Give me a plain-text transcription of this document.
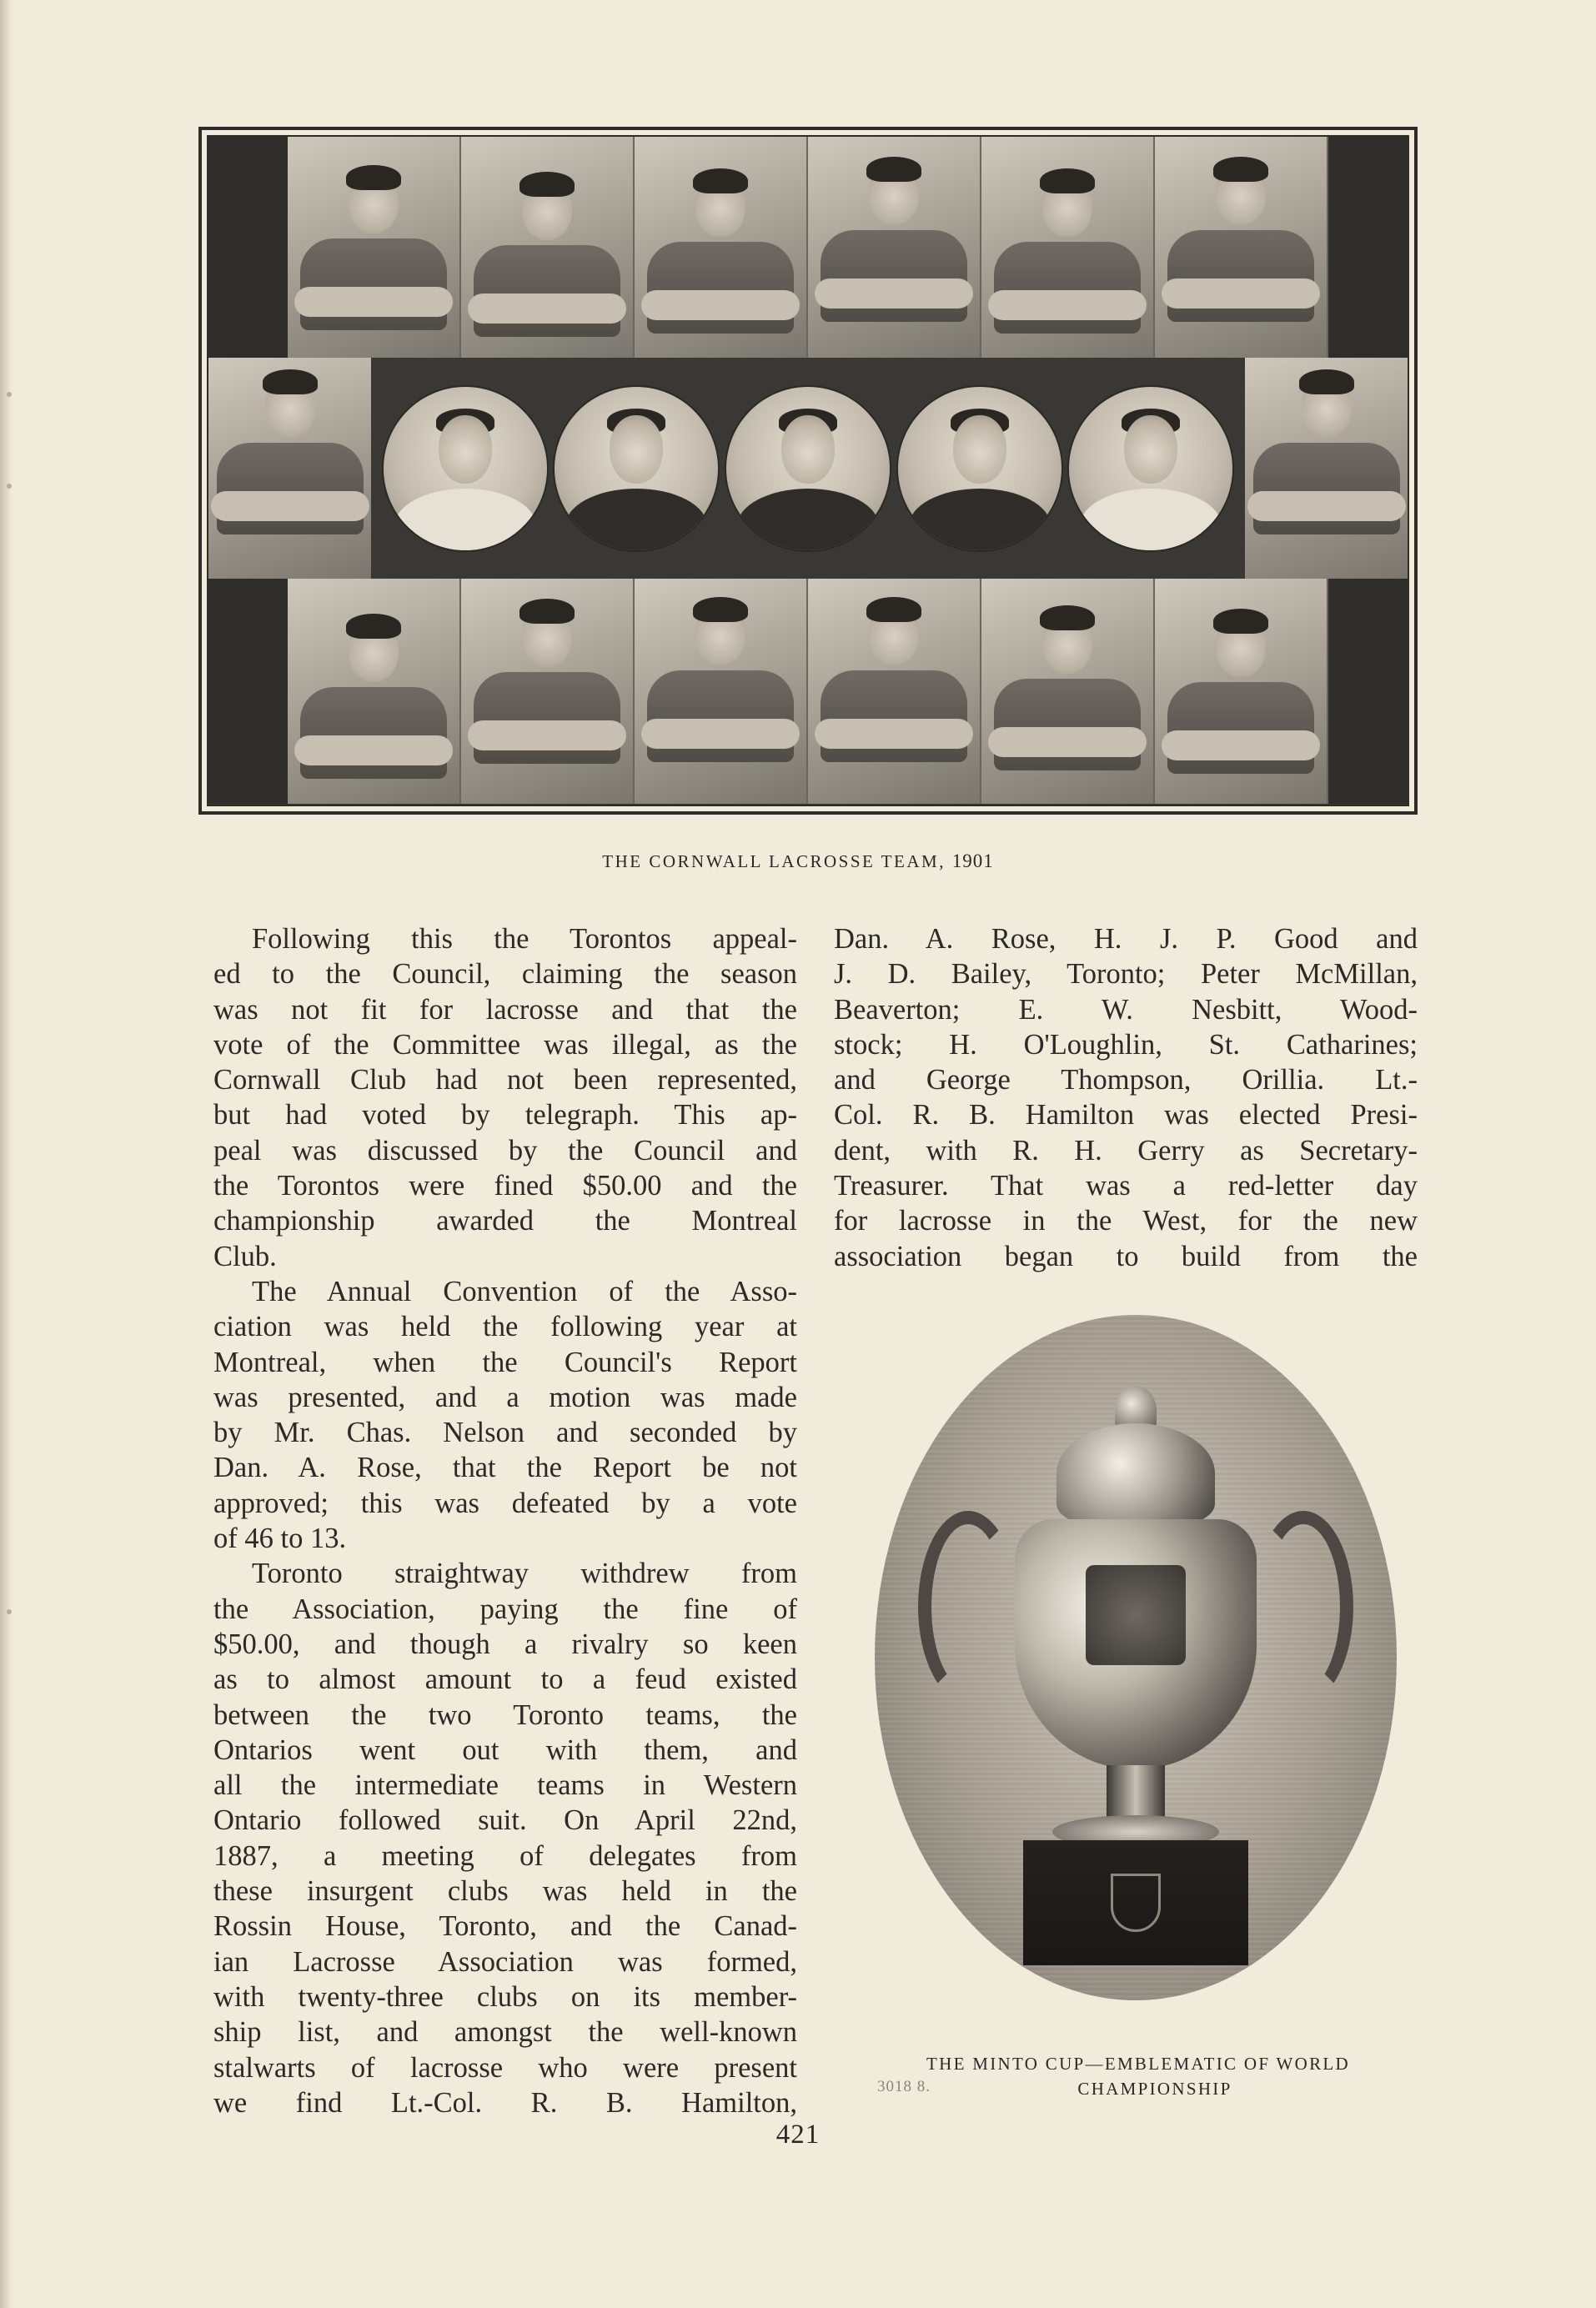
THE CORNWALL LACROSSE TEAM, 1901

Following this the Torontos appeal-
ed to the Council, claiming the season
was not fit for lacrosse and that the
vote of the Committee was illegal, as the
Cornwall Club had not been represented,
but had voted by telegraph. This ap-
peal was discussed by the Council and
the Torontos were fined $50.00 and the
championship awarded the Montreal
Club.

The Annual Convention of the Asso-
ciation was held the following year at
Montreal, when the Council's Report
was presented, and a motion was made
by Mr. Chas. Nelson and seconded by
Dan. A. Rose, that the Report be not
approved; this was defeated by a vote
of 46 to 13.

Toronto straightway withdrew from
the Association, paying the fine of
$50.00, and though a rivalry so keen
as to almost amount to a feud existed
between the two Toronto teams, the
Ontarios went out with them, and
all the intermediate teams in Western
Ontario followed suit. On April 22nd,
1887, a meeting of delegates from
these insurgent clubs was held in the
Rossin House, Toronto, and the Canad-
ian Lacrosse Association was formed,
with twenty-three clubs on its member-
ship list, and amongst the well-known
stalwarts of lacrosse who were present
we find Lt.-Col. R. B. Hamilton,

Dan. A. Rose, H. J. P. Good and
J. D. Bailey, Toronto; Peter McMillan,
Beaverton; E. W. Nesbitt, Wood-
stock; H. O'Loughlin, St. Catharines;
and George Thompson, Orillia. Lt.-
Col. R. B. Hamilton was elected Presi-
dent, with R. H. Gerry as Secretary-
Treasurer. That was a red-letter day
for lacrosse in the West, for the new
association began to build from the

THE MINTO CUP—EMBLEMATIC OF WORLD
CHAMPIONSHIP
3018 8.
421
